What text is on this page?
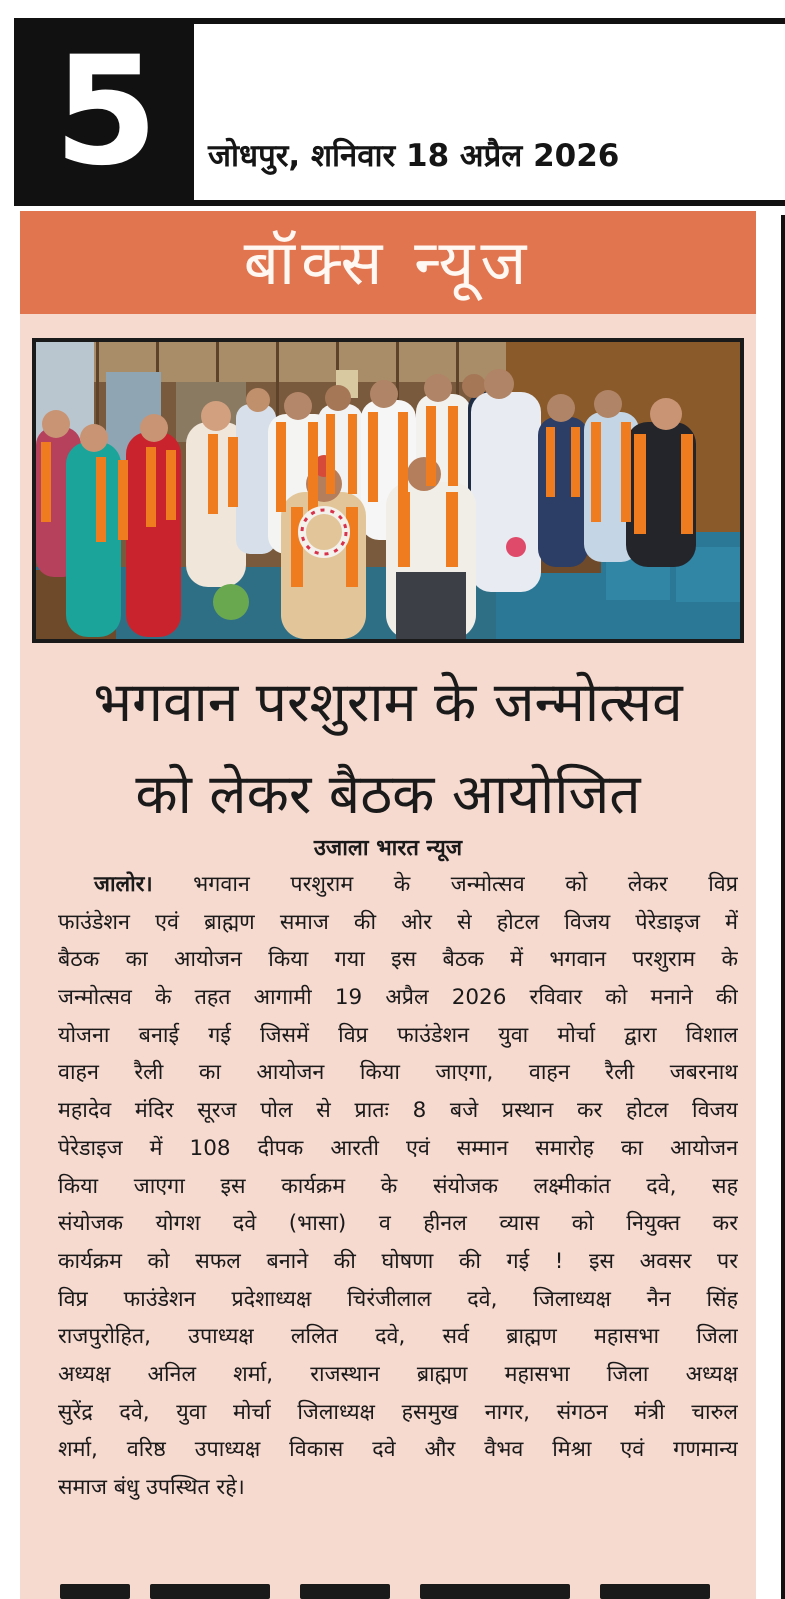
5	जोधपुर, शनिवार 18 अप्रैल 2026
बॉक्स न्यूज
भगवान परशुराम के जन्मोत्सव
को लेकर बैठक आयोजित
उजाला भारत न्यूज
जालोर। भगवान परशुराम के जन्मोत्सव को लेकर विप्र
फाउंडेशन एवं ब्राह्मण समाज की ओर से होटल विजय पेरेडाइज में
बैठक का आयोजन किया गया इस बैठक में भगवान परशुराम के
जन्मोत्सव के तहत आगामी 19 अप्रैल 2026 रविवार को मनाने की
योजना बनाई गई जिसमें विप्र फाउंडेशन युवा मोर्चा द्वारा विशाल
वाहन रैली का आयोजन किया जाएगा, वाहन रैली जबरनाथ
महादेव मंदिर सूरज पोल से प्रातः 8 बजे प्रस्थान कर होटल विजय
पेरेडाइज में 108 दीपक आरती एवं सम्मान समारोह का आयोजन
किया जाएगा इस कार्यक्रम के संयोजक लक्ष्मीकांत दवे, सह
संयोजक योगश दवे (भासा) व हीनल व्यास को नियुक्त कर
कार्यक्रम को सफल बनाने की घोषणा की गई ! इस अवसर पर
विप्र फाउंडेशन प्रदेशाध्यक्ष चिरंजीलाल दवे, जिलाध्यक्ष नैन सिंह
राजपुरोहित, उपाध्यक्ष ललित दवे, सर्व ब्राह्मण महासभा जिला
अध्यक्ष अनिल शर्मा, राजस्थान ब्राह्मण महासभा जिला अध्यक्ष
सुरेंद्र दवे, युवा मोर्चा जिलाध्यक्ष हसमुख नागर, संगठन मंत्री चारुल
शर्मा, वरिष्ठ उपाध्यक्ष विकास दवे और वैभव मिश्रा एवं गणमान्य
समाज बंधु उपस्थित रहे।
